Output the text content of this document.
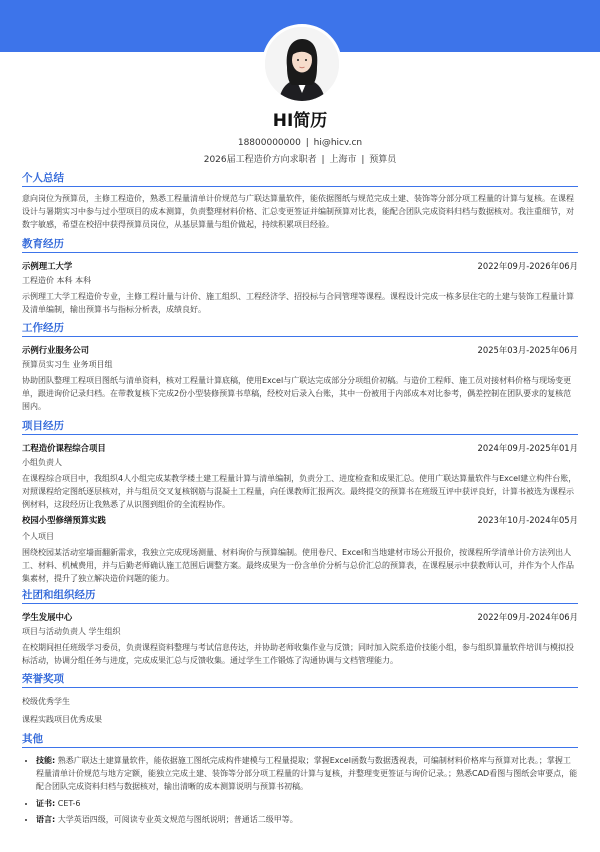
HI简历
18800000000 | hi@hicv.cn
2026届工程造价方向求职者 | 上海市 | 预算员
个人总结
意向岗位为预算员，主修工程造价，熟悉工程量清单计价规范与广联达算量软件，能依据图纸与规范完成土建、装饰等分部分项工程量的计算与复核。在课程设计与暑期实习中参与过小型项目的成本测算，负责整理材料价格、汇总变更签证并编制预算对比表，能配合团队完成资料归档与数据核对。我注重细节，对数字敏感，希望在校招中获得预算员岗位，从基层算量与组价做起，持续积累项目经验。
教育经历
示例理工大学	2022年09月-2026年06月
工程造价 本科 本科
示例理工大学工程造价专业，主修工程计量与计价、施工组织、工程经济学、招投标与合同管理等课程。课程设计完成一栋多层住宅的土建与装饰工程量计算及清单编制，输出预算书与指标分析表，成绩良好。
工作经历
示例行业服务公司	2025年03月-2025年06月
预算员实习生 业务项目组
协助团队整理工程项目图纸与清单资料，核对工程量计算底稿，使用Excel与广联达完成部分分项组价初稿。与造价工程师、施工员对接材料价格与现场变更单，跟进询价记录归档。在带教复核下完成2份小型装修预算书草稿，经校对后录入台账，其中一份被用于内部成本对比参考，偶差控制在团队要求的复核范围内。
项目经历
工程造价课程综合项目	2024年09月-2025年01月
小组负责人
在课程综合项目中，我组织4人小组完成某教学楼土建工程量计算与清单编制，负责分工、进度检查和成果汇总。使用广联达算量软件与Excel建立构件台账，对照课程给定图纸逐层核对，并与组员交叉复核钢筋与混凝土工程量，向任课教师汇报两次。最终提交的预算书在班级互评中获评良好，计算书被选为课程示例材料，这段经历让我熟悉了从识图到组价的全流程协作。
校园小型修缮预算实践	2023年10月-2024年05月
个人项目
围绕校园某活动室墙面翻新需求，我独立完成现场测量、材料询价与预算编制。使用卷尺、Excel和当地建材市场公开报价，按课程所学清单计价方法列出人工、材料、机械费用，并与后勤老师确认施工范围后调整方案。最终成果为一份含单价分析与总价汇总的预算表，在课程展示中获教师认可，并作为个人作品集素材，提升了独立解决造价问题的能力。
社团和组织经历
学生发展中心	2022年09月-2024年06月
项目与活动负责人 学生组织
在校期间担任班级学习委员，负责课程资料整理与考试信息传达，并协助老师收集作业与反馈；同时加入院系造价技能小组，参与组织算量软件培训与模拟投标活动，协调分组任务与进度，完成成果汇总与反馈收集。通过学生工作锻炼了沟通协调与文档管理能力。
荣誉奖项
校级优秀学生
课程实践项目优秀成果
其他
• 技能: 熟悉广联达土建算量软件，能依据施工图纸完成构件建模与工程量提取；掌握Excel函数与数据透视表，可编制材料价格库与预算对比表。；掌握工程量清单计价规范与地方定额，能独立完成土建、装饰等分部分项工程量的计算与复核，并整理变更签证与询价记录。；熟悉CAD看图与图纸会审要点，能配合团队完成资料归档与数据核对，输出清晰的成本测算说明与预算书初稿。
• 证书: CET-6
• 语言: 大学英语四级，可阅读专业英文规范与图纸说明；普通话二级甲等。
